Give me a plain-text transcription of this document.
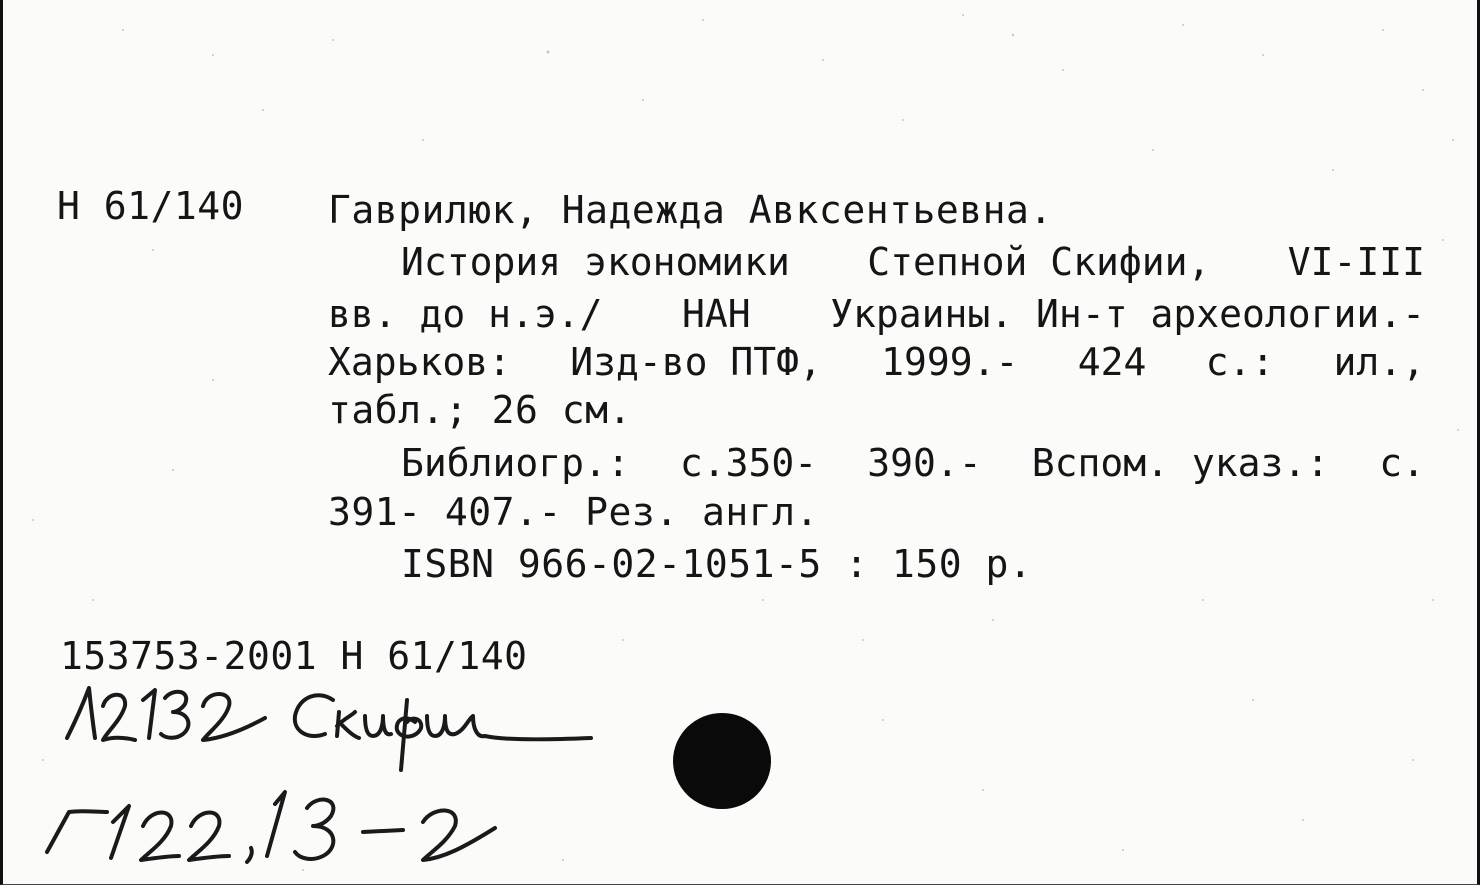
Н 61/140 Гаврилюк, Надежда Авксентьевна.
История экономики Степной Скифии, VI-III
вв. до н.э./ НАН Украины. Ин-т археологии.-
Харьков: Изд-во ПТФ, 1999.- 424 с.: ил.,
табл.; 26 см.
Библиогр.: с.350- 390.- Вспом. указ.: с.
391- 407.- Рез. англ.
ISBN 966-02-1051-5 : 150 р.
153753-2001 Н 61/140
